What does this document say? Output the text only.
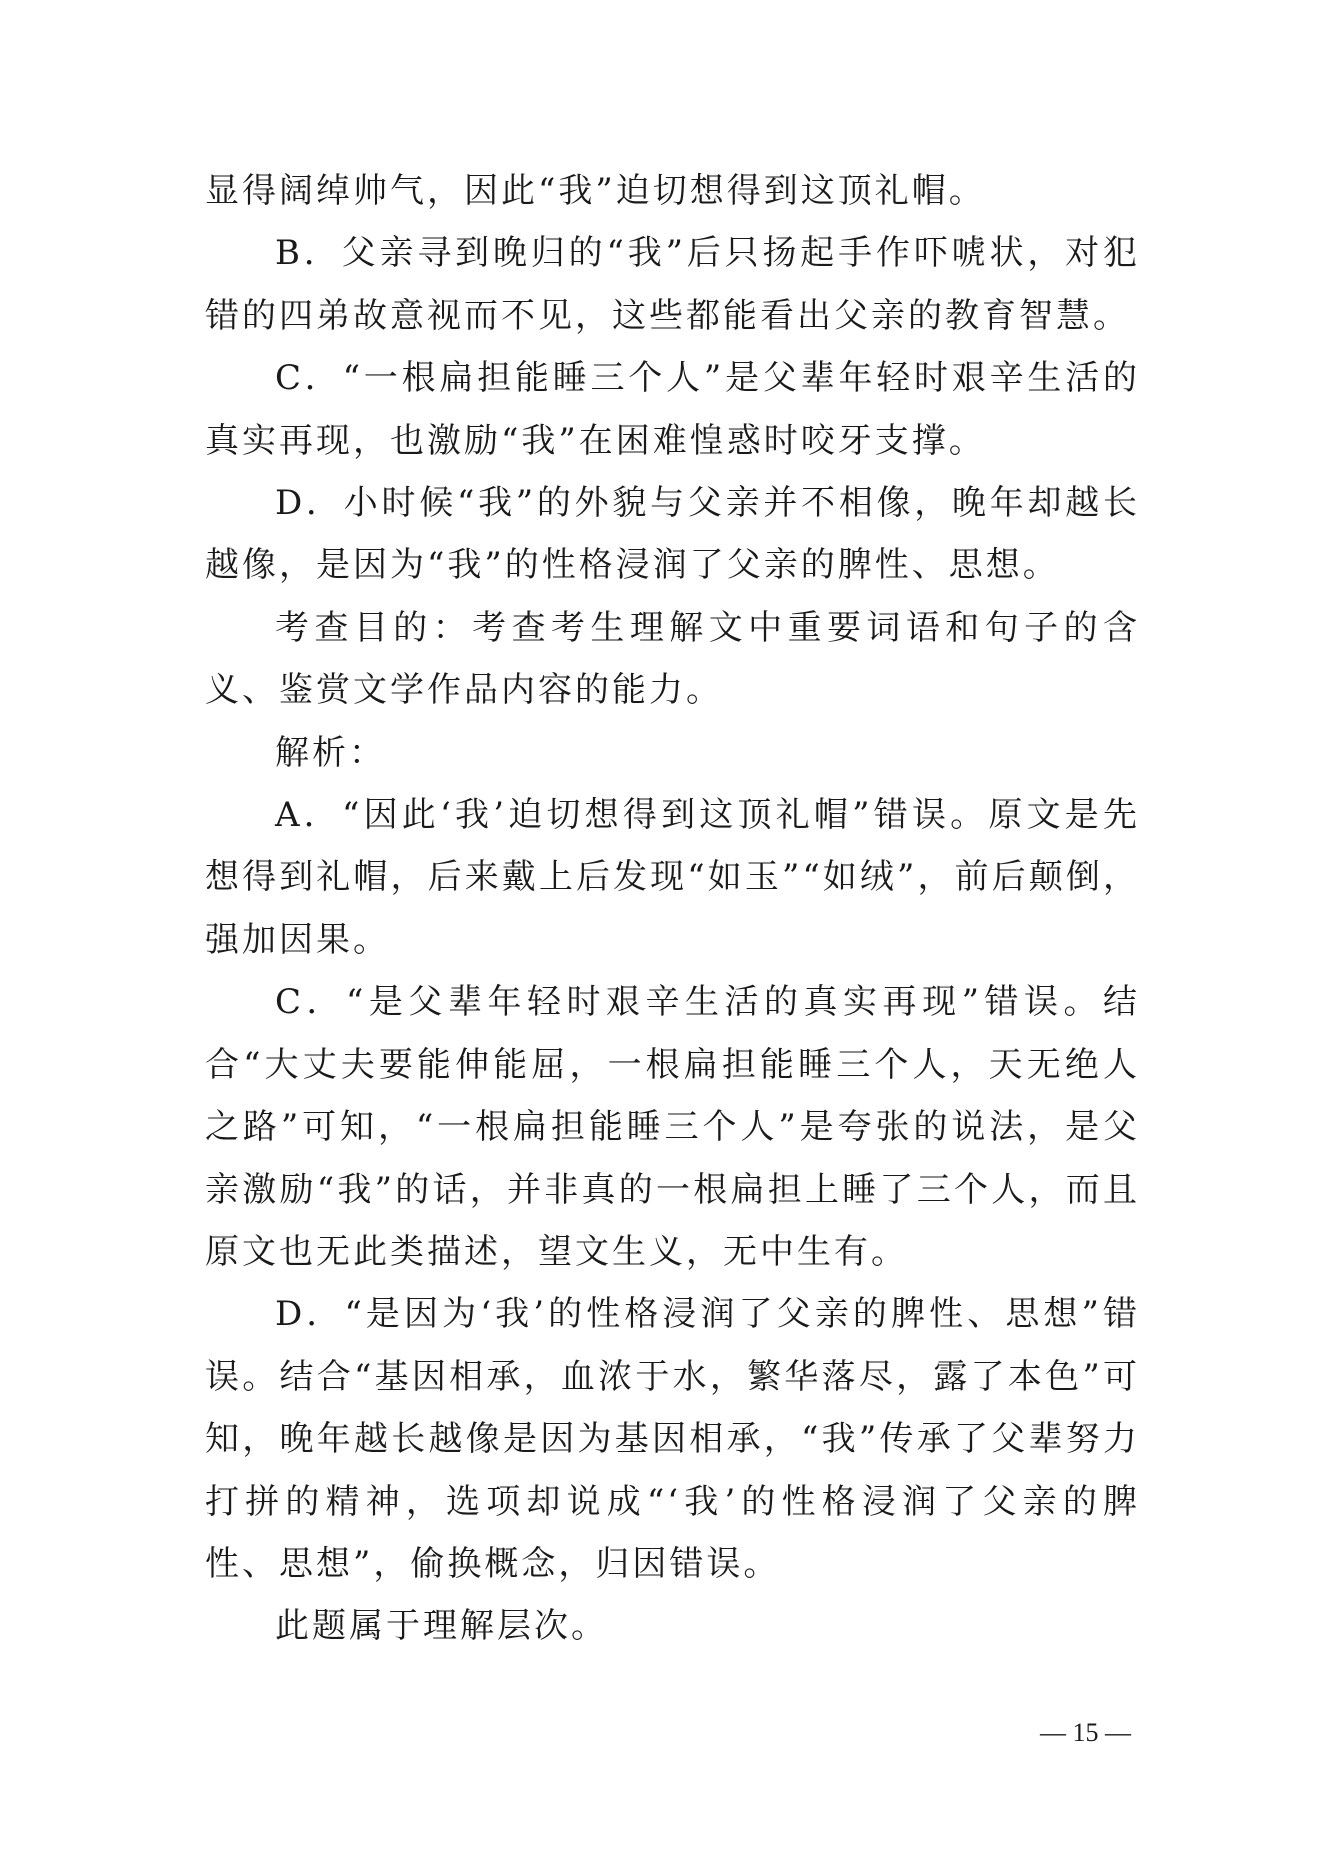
显得阔绰帅气，因此“我”迫切想得到这顶礼帽。

B．父亲寻到晚归的“我”后只扬起手作吓唬状，对犯错的四弟故意视而不见，这些都能看出父亲的教育智慧。

C．“一根扁担能睡三个人”是父辈年轻时艰辛生活的真实再现，也激励“我”在困难惶惑时咬牙支撑。

D．小时候“我”的外貌与父亲并不相像，晚年却越长越像，是因为“我”的性格浸润了父亲的脾性、思想。

考查目的：考查考生理解文中重要词语和句子的含义、鉴赏文学作品内容的能力。

解析：

A．“因此‘我’迫切想得到这顶礼帽”错误。原文是先想得到礼帽，后来戴上后发现“如玉”“如绒”，前后颠倒，强加因果。

C．“是父辈年轻时艰辛生活的真实再现”错误。结合“大丈夫要能伸能屈，一根扁担能睡三个人，天无绝人之路”可知，“一根扁担能睡三个人”是夸张的说法，是父亲激励“我”的话，并非真的一根扁担上睡了三个人，而且原文也无此类描述，望文生义，无中生有。

D．“是因为‘我’的性格浸润了父亲的脾性、思想”错误。结合“基因相承，血浓于水，繁华落尽，露了本色”可知，晚年越长越像是因为基因相承，“我”传承了父辈努力打拼的精神，选项却说成“‘我’的性格浸润了父亲的脾性、思想”，偷换概念，归因错误。

此题属于理解层次。

— 15 —
